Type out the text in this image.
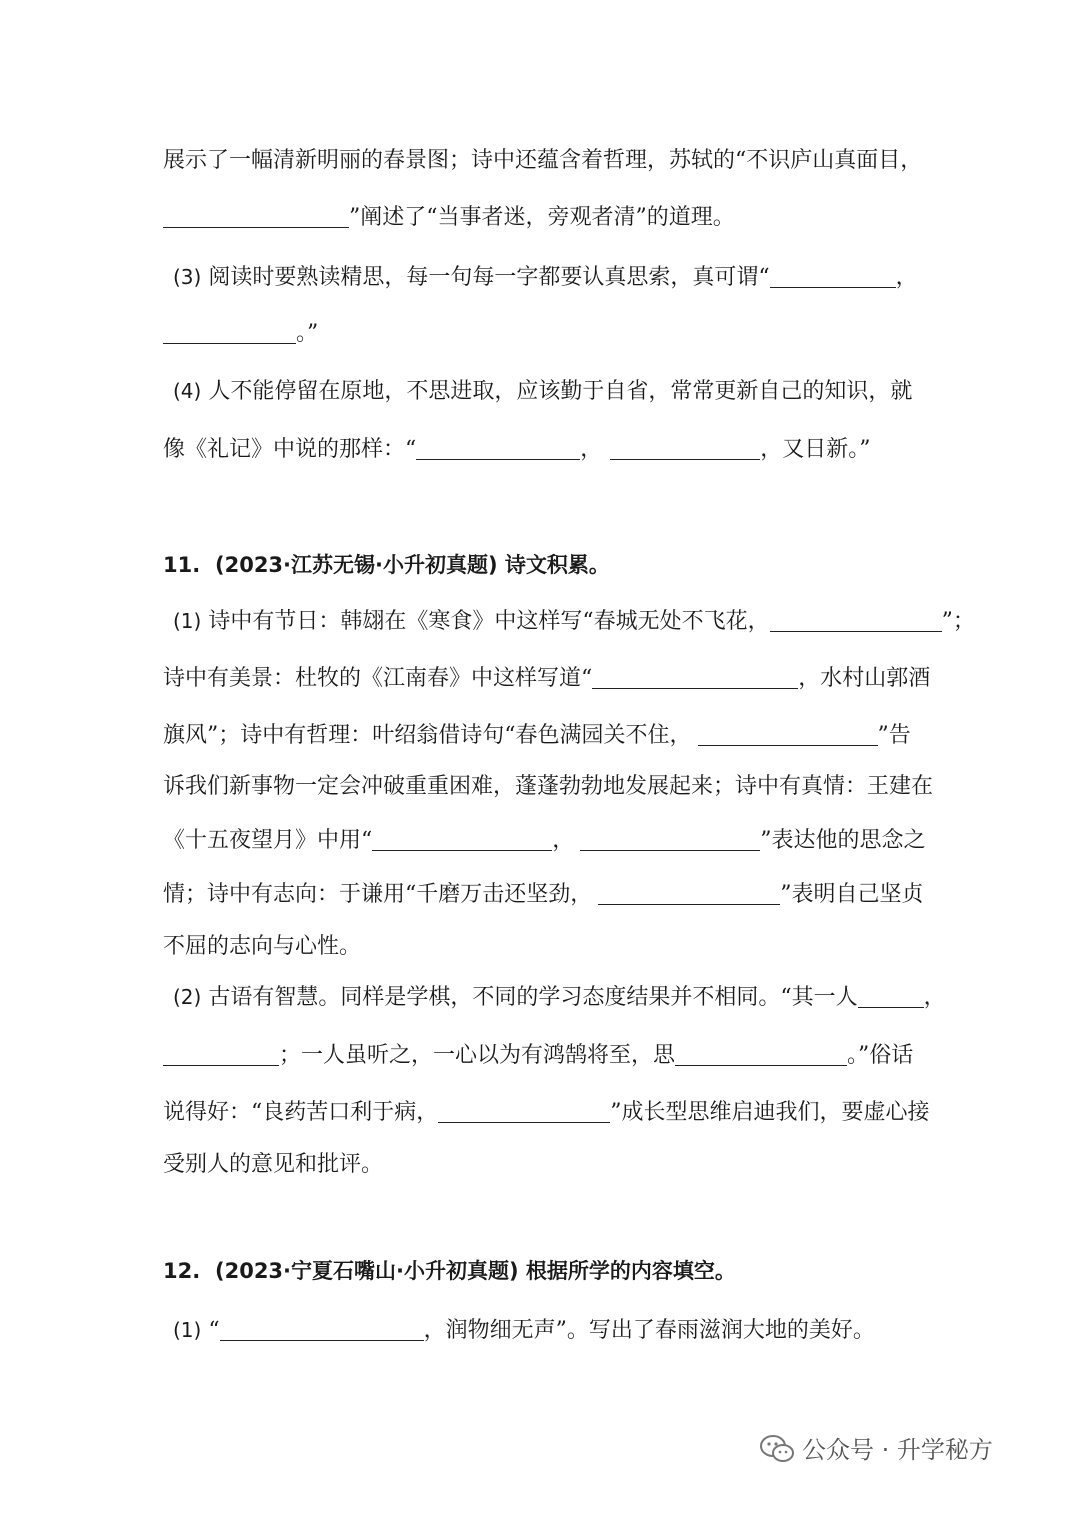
展示了一幅清新明丽的春景图；诗中还蕴含着哲理，苏轼的“不识庐山真面目，
”阐述了“当事者迷，旁观者清”的道理。
(3) 阅读时要熟读精思，每一句每一字都要认真思索，真可谓“	，
。”
(4) 人不能停留在原地，不思进取，应该勤于自省，常常更新自己的知识，就
像《礼记》中说的那样：“	，	，又日新。”
11. (2023·江苏无锡·小升初真题) 诗文积累。
(1) 诗中有节日：韩翃在《寒食》中这样写“春城无处不飞花，	”；
诗中有美景：杜牧的《江南春》中这样写道“	，水村山郭酒
旗风”；诗中有哲理：叶绍翁借诗句“春色满园关不住，	”告
诉我们新事物一定会冲破重重困难，蓬蓬勃勃地发展起来；诗中有真情：王建在
《十五夜望月》中用“	，	”表达他的思念之
情；诗中有志向：于谦用“千磨万击还坚劲，	”表明自己坚贞
不屈的志向与心性。
(2) 古语有智慧。同样是学棋，不同的学习态度结果并不相同。“其一人	，
；一人虽听之，一心以为有鸿鹄将至，思	。”俗话
说得好：“良药苦口利于病，	”成长型思维启迪我们，要虚心接
受别人的意见和批评。
12. (2023·宁夏石嘴山·小升初真题) 根据所学的内容填空。
(1) “	，润物细无声”。写出了春雨滋润大地的美好。
公众号 · 升学秘方
